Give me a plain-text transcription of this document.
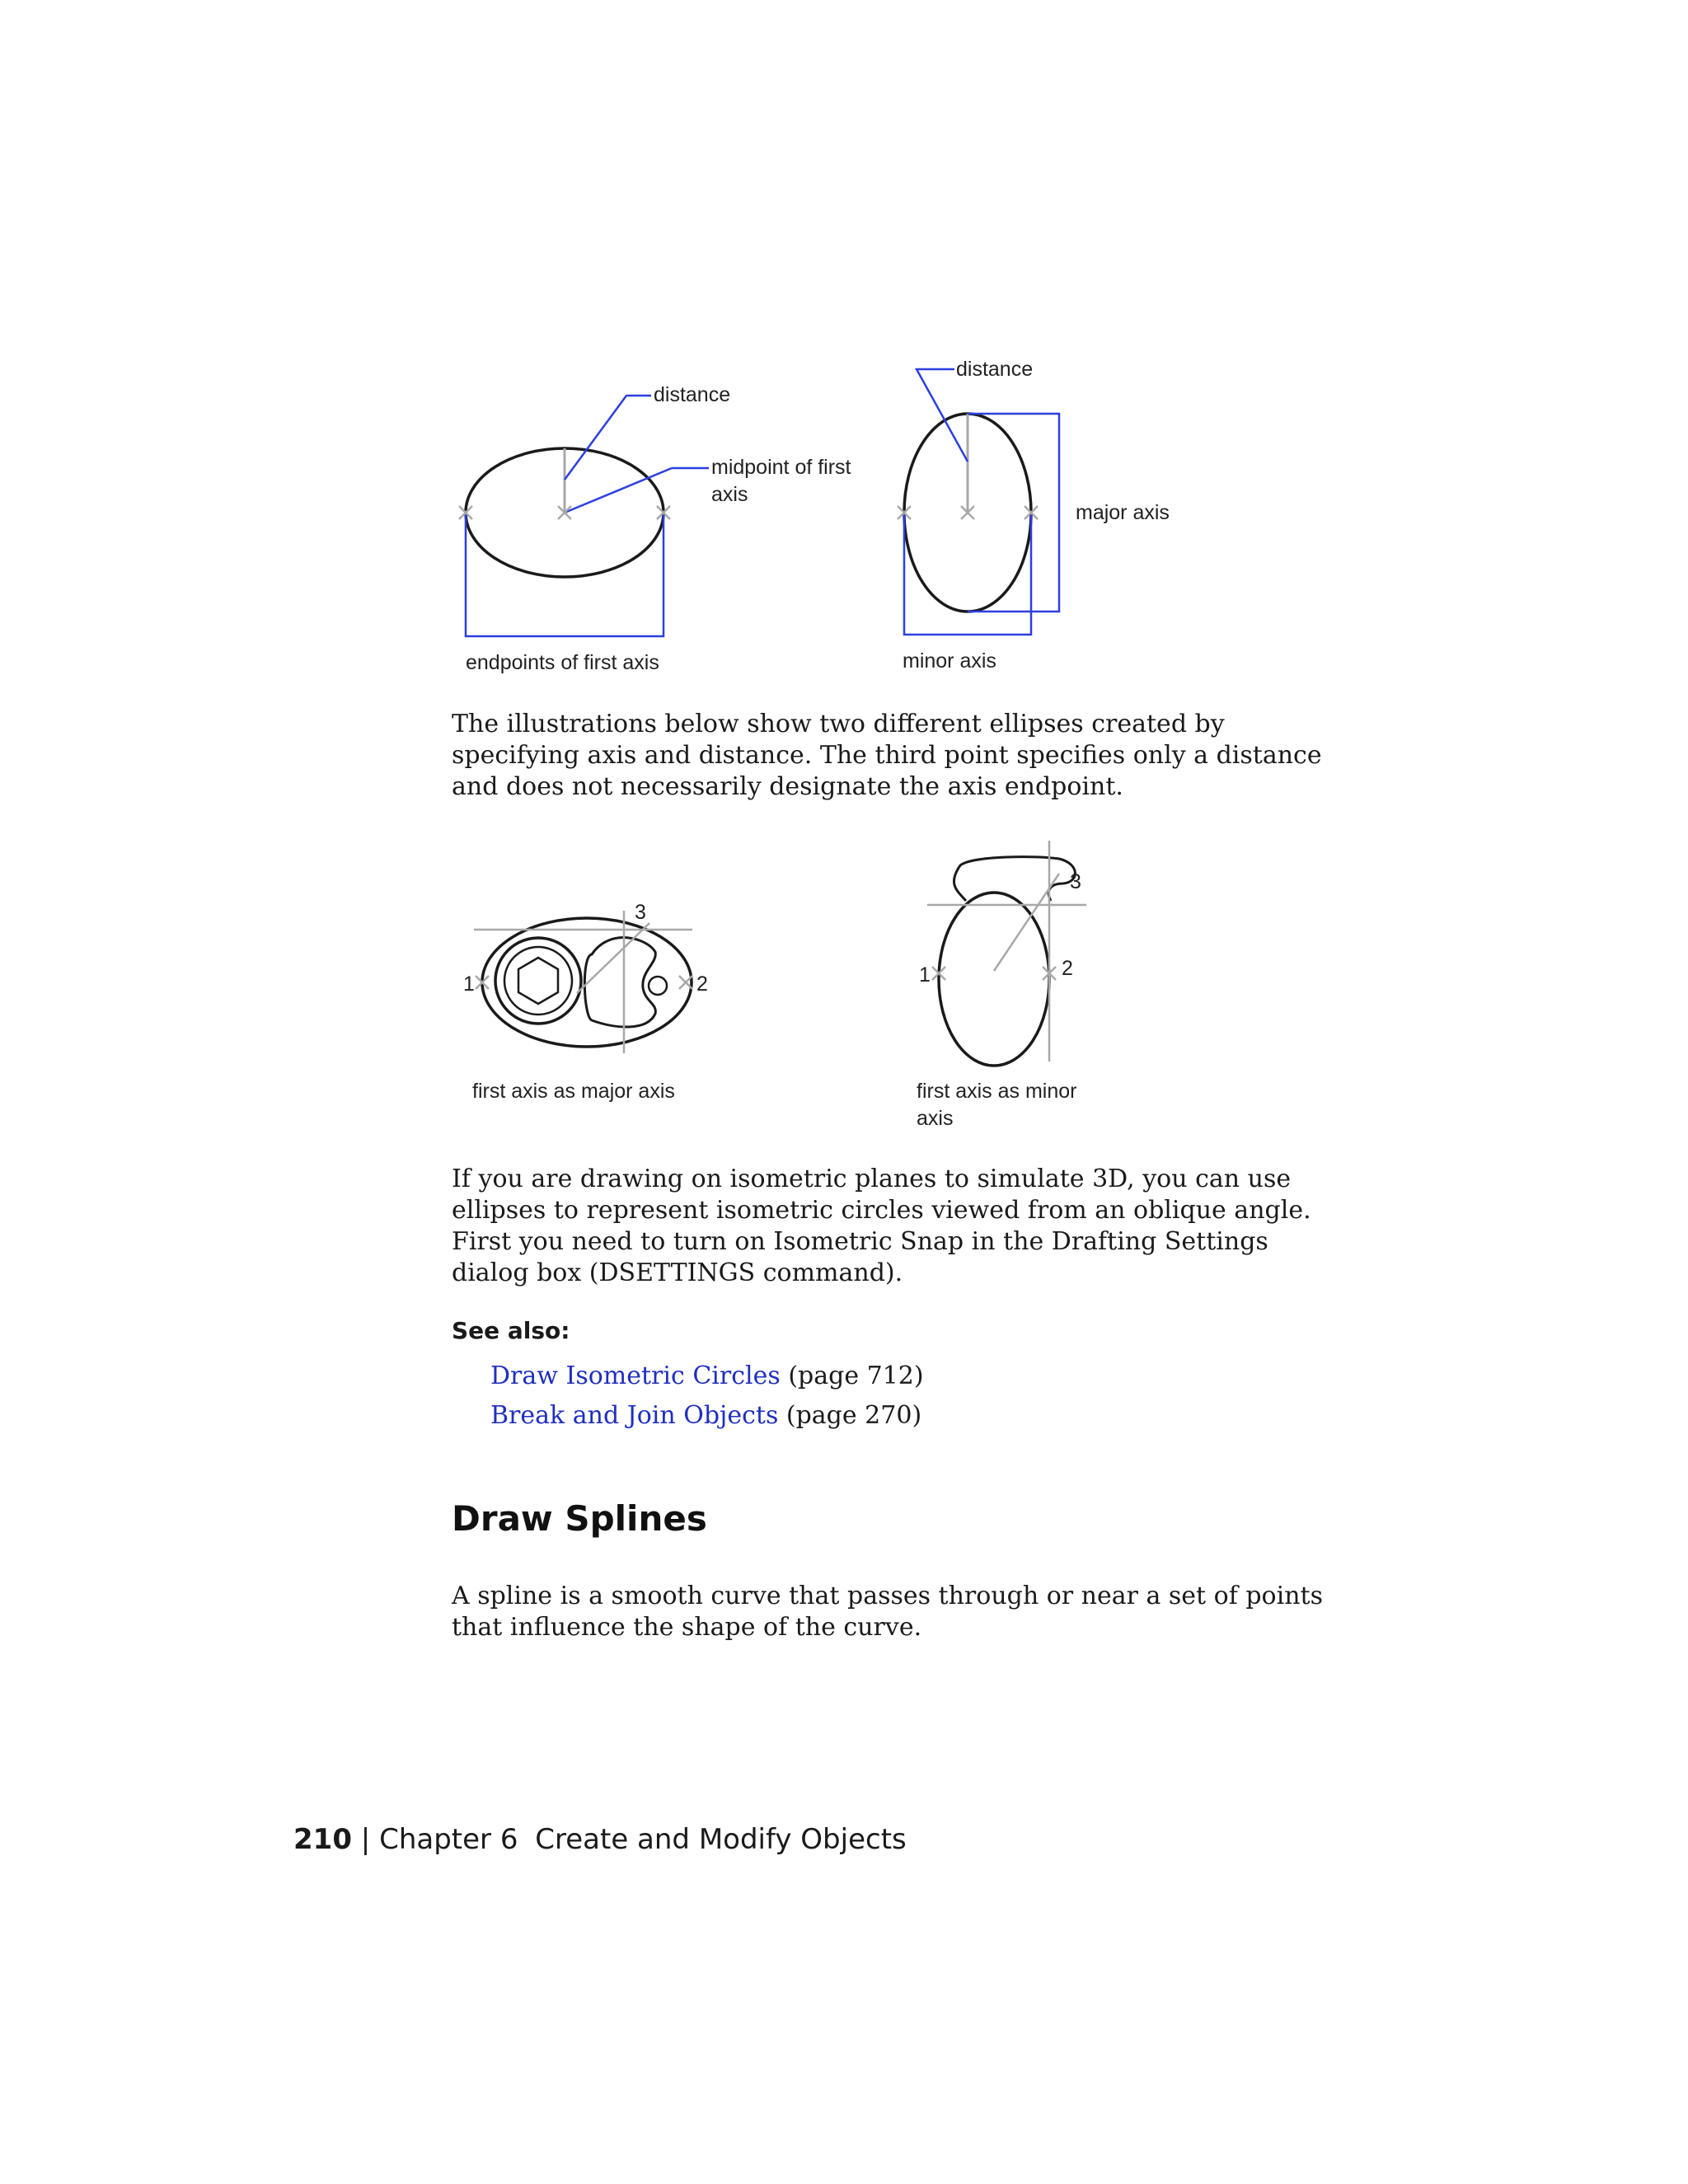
distance
midpoint of first
axis
endpoints of first axis
distance
major axis
minor axis

The illustrations below show two different ellipses created by specifying axis and distance. The third point specifies only a distance and does not necessarily designate the axis endpoint.

1	2
3
first axis as major axis
1	2
3
first axis as minor
axis

If you are drawing on isometric planes to simulate 3D, you can use ellipses to represent isometric circles viewed from an oblique angle. First you need to turn on Isometric Snap in the Drafting Settings dialog box (DSETTINGS command).

See also:
Draw Isometric Circles (page 712)
Break and Join Objects (page 270)
Draw Splines

A spline is a smooth curve that passes through or near a set of points that influence the shape of the curve.

210 | Chapter 6 Create and Modify Objects
